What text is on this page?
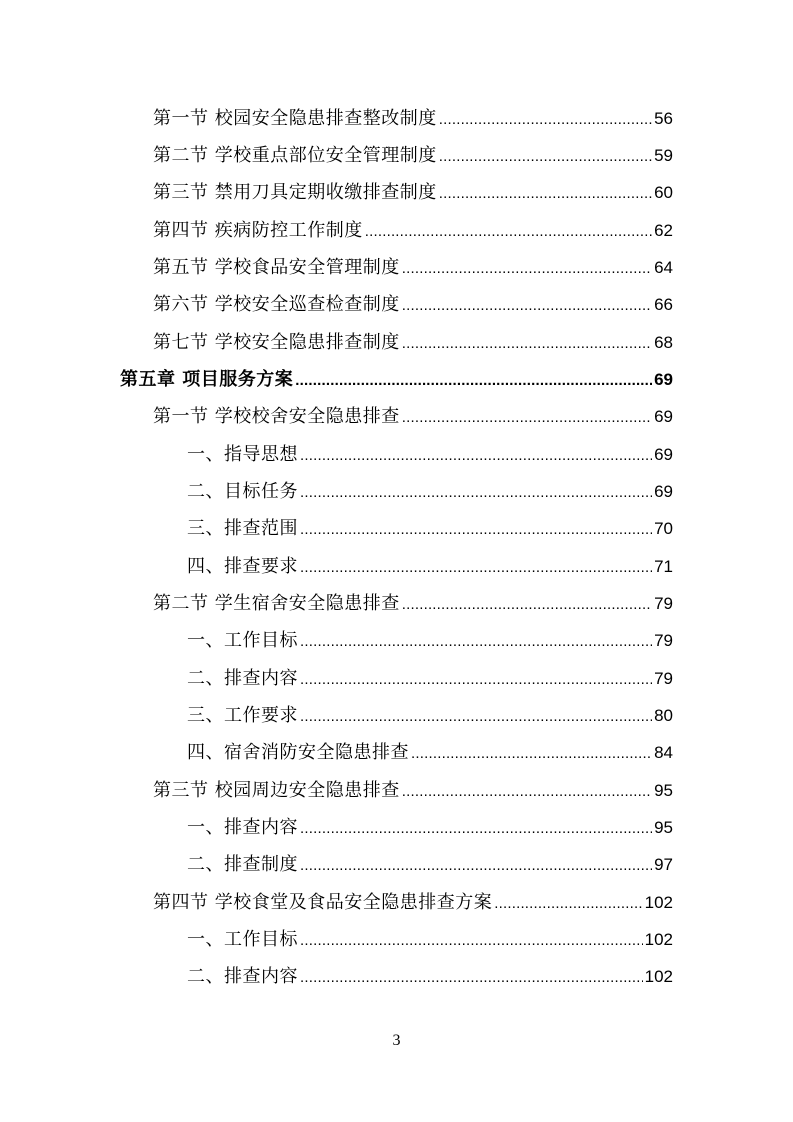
第一节 校园安全隐患排查整改制度 .....	56
第二节 学校重点部位安全管理制度 .....	59
第三节 禁用刀具定期收缴排查制度 .....	60
第四节 疾病防控工作制度 .....	62
第五节 学校食品安全管理制度 .....	64
第六节 学校安全巡查检查制度 .....	66
第七节 学校安全隐患排查制度 .....	68
第五章 项目服务方案 .....	69
第一节 学校校舍安全隐患排查 .....	69
一、指导思想 .....	69
二、目标任务 .....	69
三、排查范围 .....	70
四、排查要求 .....	71
第二节 学生宿舍安全隐患排查 .....	79
一、工作目标 .....	79
二、排查内容 .....	79
三、工作要求 .....	80
四、宿舍消防安全隐患排查 .....	84
第三节 校园周边安全隐患排查 .....	95
一、排查内容 .....	95
二、排查制度 .....	97
第四节 学校食堂及食品安全隐患排查方案 .....	102
一、工作目标 .....	102
二、排查内容 .....	102
3
